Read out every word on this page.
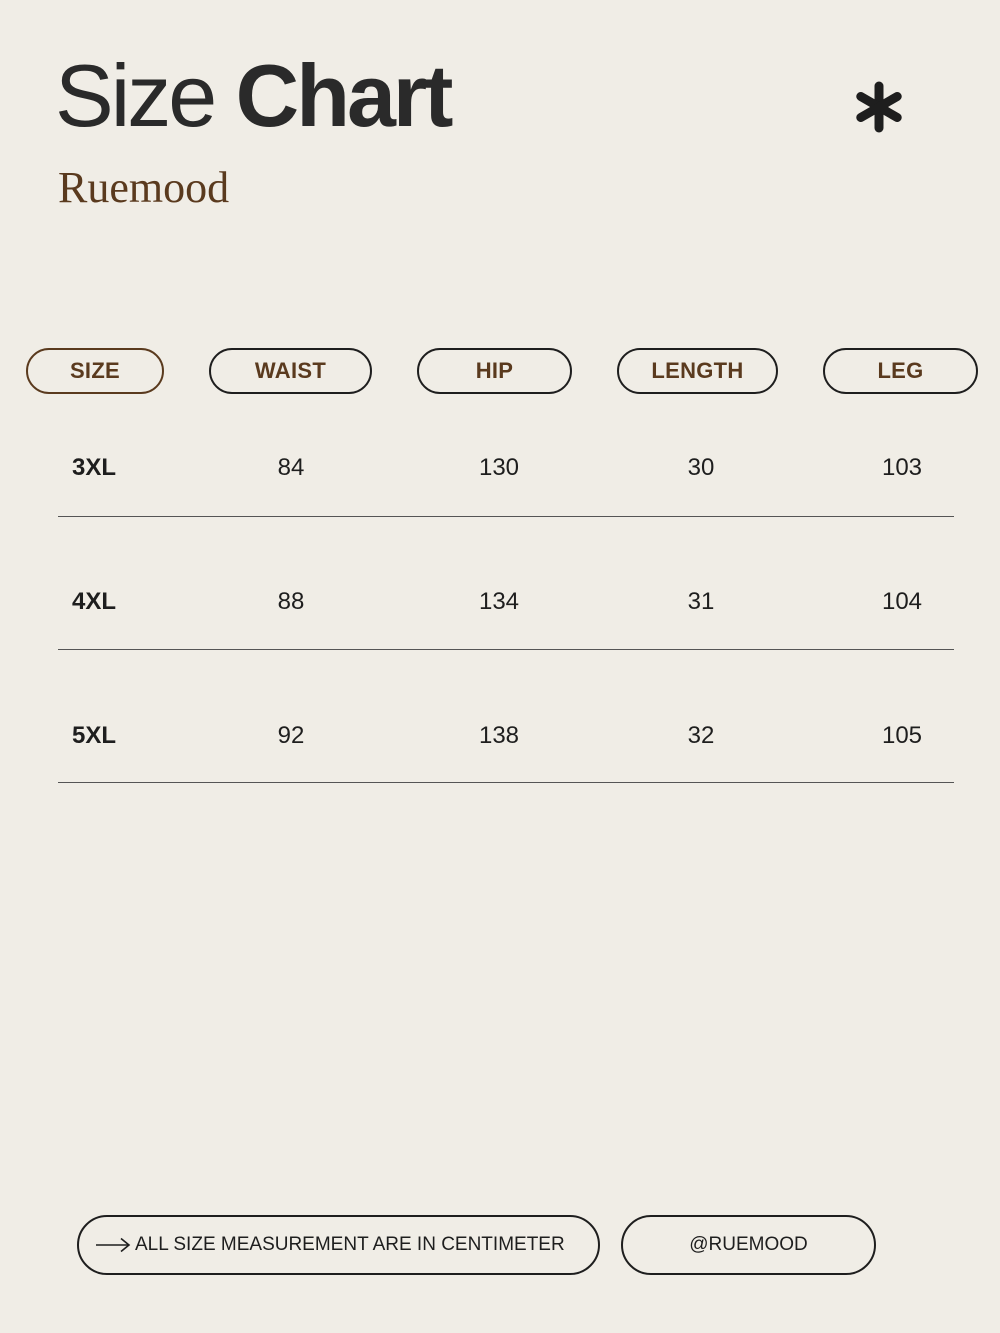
Size Chart
Ruemood
SIZE	WAIST	HIP	LENGTH	LEG
3XL	84	130	30	103
4XL	88	134	31	104
5XL	92	138	32	105
ALL SIZE MEASUREMENT ARE IN CENTIMETER	@RUEMOOD
